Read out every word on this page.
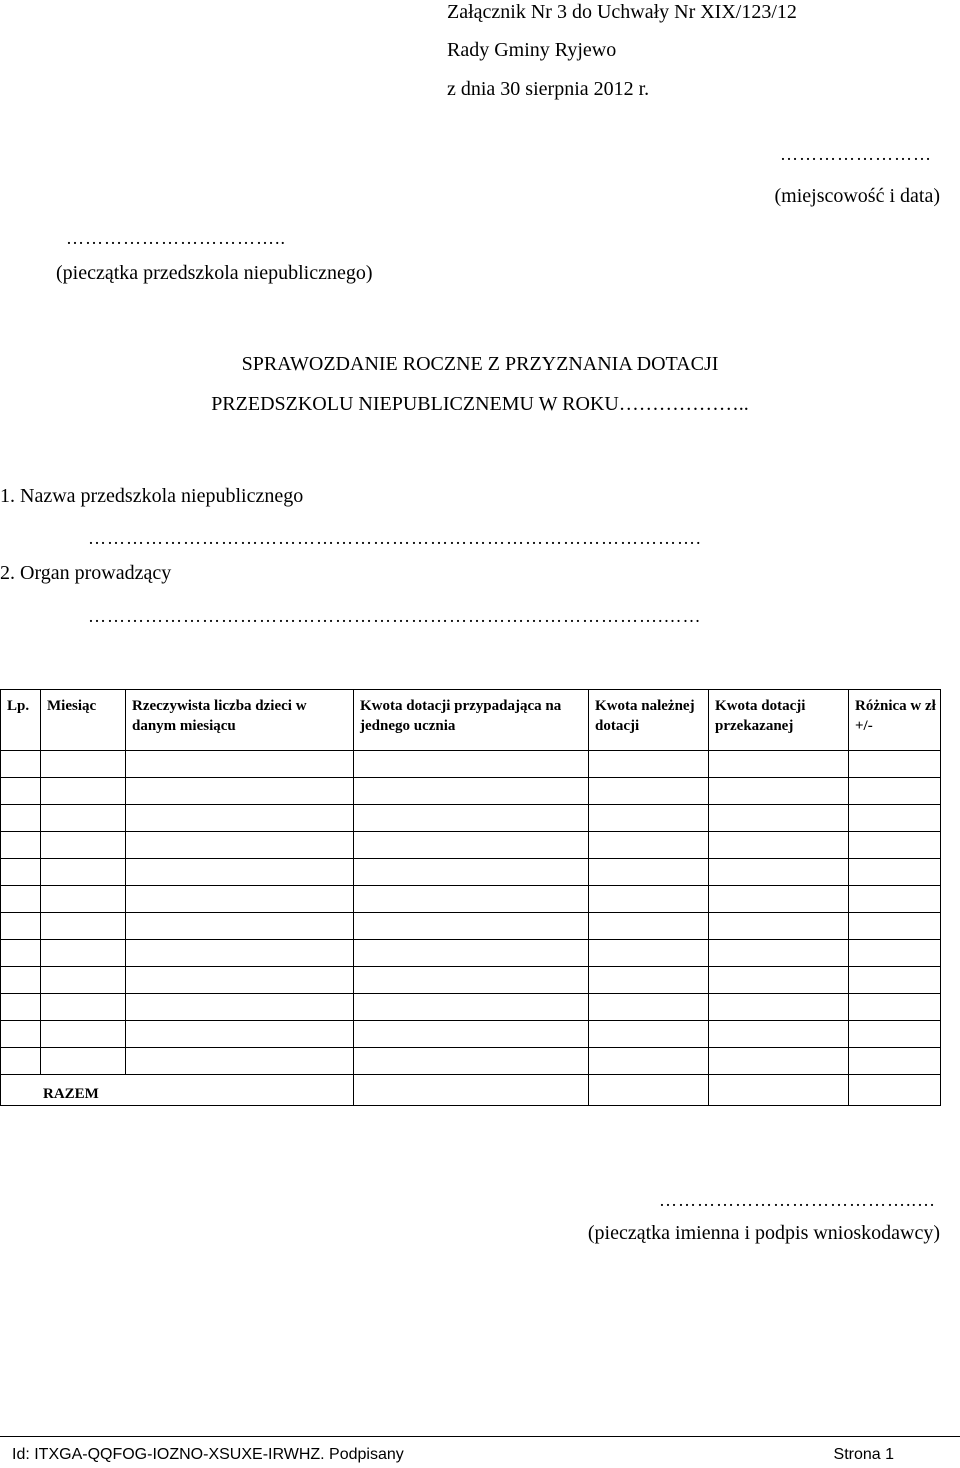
Załącznik Nr 3 do Uchwały Nr XIX/123/12
Rady Gminy Ryjewo
z dnia 30 sierpnia 2012 r.
……………………
(miejscowość i data)
……………………………..
(pieczątka przedszkola niepublicznego)
SPRAWOZDANIE ROCZNE Z PRZYZNANIA DOTACJI
PRZEDSZKOLU NIEPUBLICZNEMU W ROKU………………..
1. Nazwa przedszkola niepublicznego
…………………………………………………………………………………….
2. Organ prowadzący
……………………………………………………………………………….……
Lp.	Miesiąc	Rzeczywista liczba dzieci w danym miesiącu	Kwota dotacji przypadająca na jednego ucznia	Kwota należnej dotacji	Kwota dotacji przekazanej	Różnica w zł +/-

RAZEM						
…………………………………..…
(pieczątka imienna i podpis wnioskodawcy)
Id: ITXGA-QQFOG-IOZNO-XSUXE-IRWHZ. Podpisany	Strona 1
